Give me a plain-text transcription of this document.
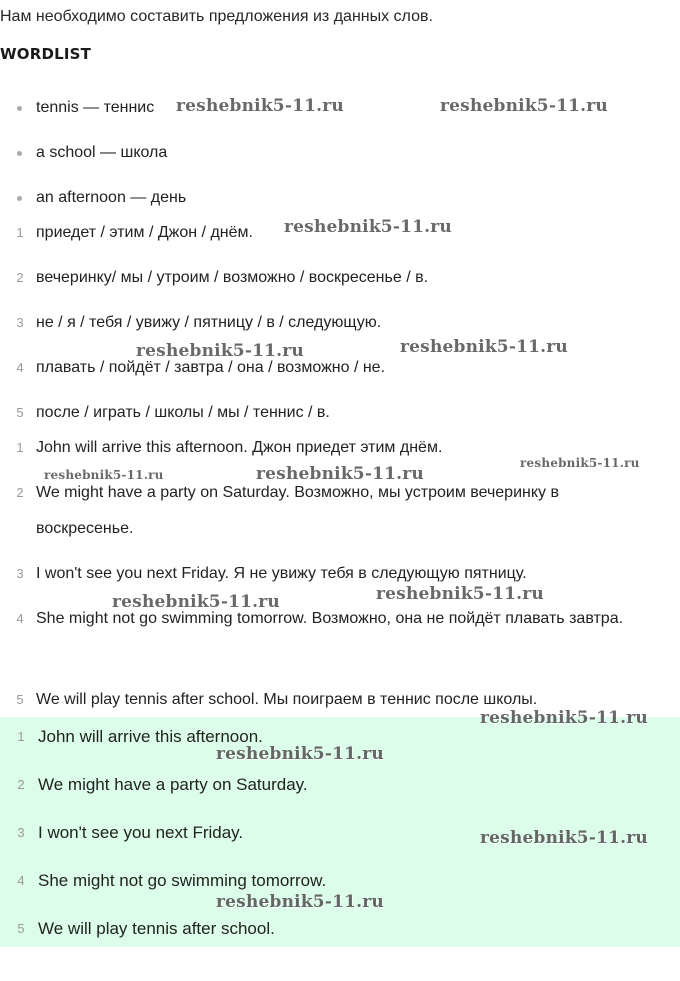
Нам необходимо составить предложения из данных слов.
WORDLIST
tennis — теннис
a school — школа
an afternoon — день
1 приедет / этим / Джон / днём.
2 вечеринку/ мы / утроим / возможно / воскресенье / в.
3 не / я / тебя / увижу / пятницу / в / следующую.
4 плавать / пойдёт / завтра / она / возможно / не.
5 после / играть / школы / мы / теннис / в.
1 John will arrive this afternoon. Джон приедет этим днём.
2 We might have a party on Saturday. Возможно, мы устроим вечеринку в воскресенье.
3 I won't see you next Friday. Я не увижу тебя в следующую пятницу.
4 She might not go swimming tomorrow. Возможно, она не пойдёт плавать завтра.
5 We will play tennis after school. Мы поиграем в теннис после школы.
1 John will arrive this afternoon.
2 We might have a party on Saturday.
3 I won't see you next Friday.
4 She might not go swimming tomorrow.
5 We will play tennis after school.
reshebnik5-11.ru	reshebnik5-11.ru
reshebnik5-11.ru
reshebnik5-11.ru	reshebnik5-11.ru
reshebnik5-11.ru	reshebnik5-11.ru
reshebnik5-11.ru
reshebnik5-11.ru	reshebnik5-11.ru
reshebnik5-11.ru
reshebnik5-11.ru
reshebnik5-11.ru
reshebnik5-11.ru
